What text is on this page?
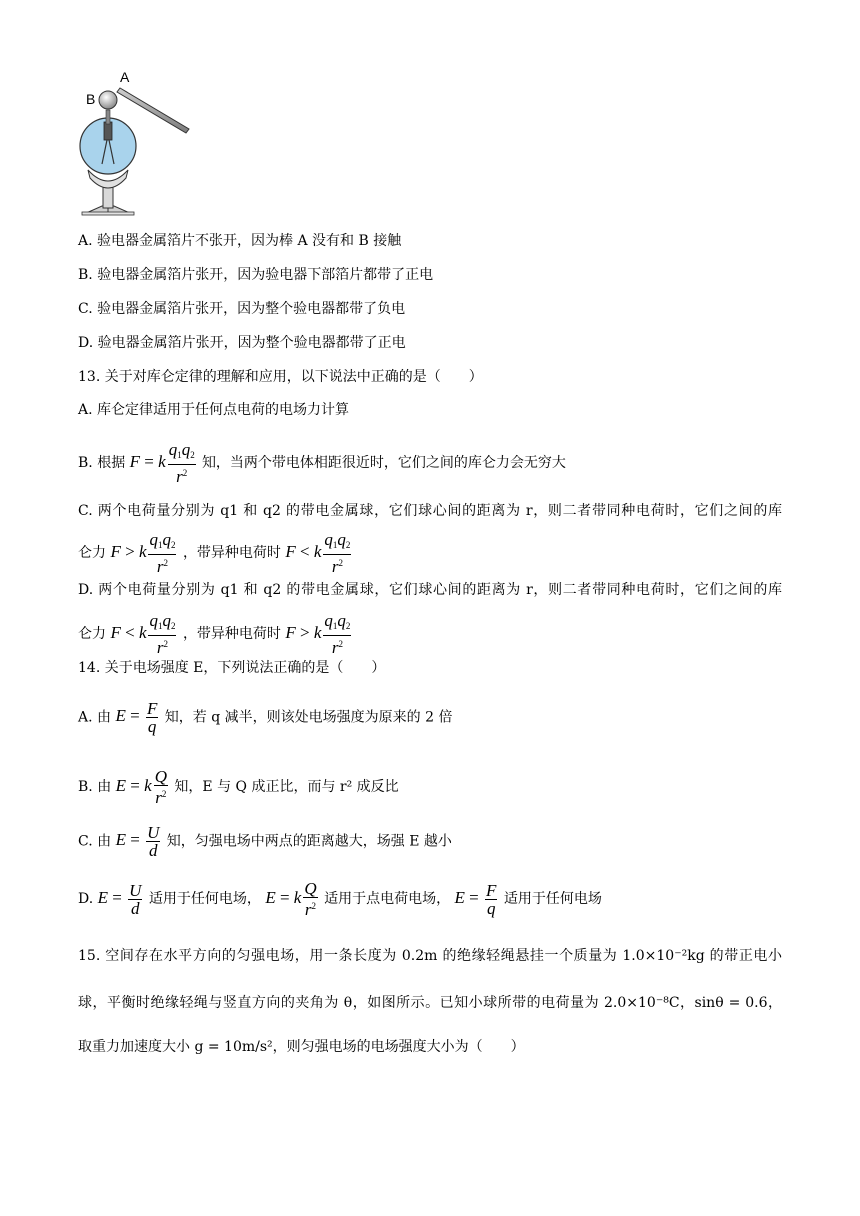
A
B
A. 验电器金属箔片不张开，因为棒 A 没有和 B 接触
B. 验电器金属箔片张开，因为验电器下部箔片都带了正电
C. 验电器金属箔片张开，因为整个验电器都带了负电
D. 验电器金属箔片张开，因为整个验电器都带了正电
13. 关于对库仑定律的理解和应用，以下说法中正确的是（　　）
A. 库仑定律适用于任何点电荷的电场力计算
B. 根据 F = k $\frac{q_1q_2}{r^2}$ 知，当两个带电体相距很近时，它们之间的库仑力会无穷大
C. 两个电荷量分别为 q1 和 q2 的带电金属球，它们球心间的距离为 r，则二者带同种电荷时，它们之间的库
仑力 F > k $\frac{q_1q_2}{r^2}$ ，带异种电荷时 F < k $\frac{q_1q_2}{r^2}$
D. 两个电荷量分别为 q1 和 q2 的带电金属球，它们球心间的距离为 r，则二者带同种电荷时，它们之间的库
仑力 F < k $\frac{q_1q_2}{r^2}$ ，带异种电荷时 F > k $\frac{q_1q_2}{r^2}$
14. 关于电场强度 E，下列说法正确的是（　　）
A. 由 $E = \frac{F}{q}$ 知，若 q 减半，则该处电场强度为原来的 2 倍
B. 由 E = k $\frac{Q}{r^2}$ 知，E 与 Q 成正比，而与 r² 成反比
C. 由 $E = \frac{U}{d}$ 知，匀强电场中两点的距离越大，场强 E 越小
D. $E = \frac{U}{d}$ 适用于任何电场， E = k $\frac{Q}{r^2}$ 适用于点电荷电场， $E = \frac{F}{q}$ 适用于任何电场
15. 空间存在水平方向的匀强电场，用一条长度为 0.2m 的绝缘轻绳悬挂一个质量为 1.0×10⁻²kg 的带正电小
球，平衡时绝缘轻绳与竖直方向的夹角为 θ，如图所示。已知小球所带的电荷量为 2.0×10⁻⁸C，sinθ = 0.6，
取重力加速度大小 g = 10m/s²，则匀强电场的电场强度大小为（　　）
